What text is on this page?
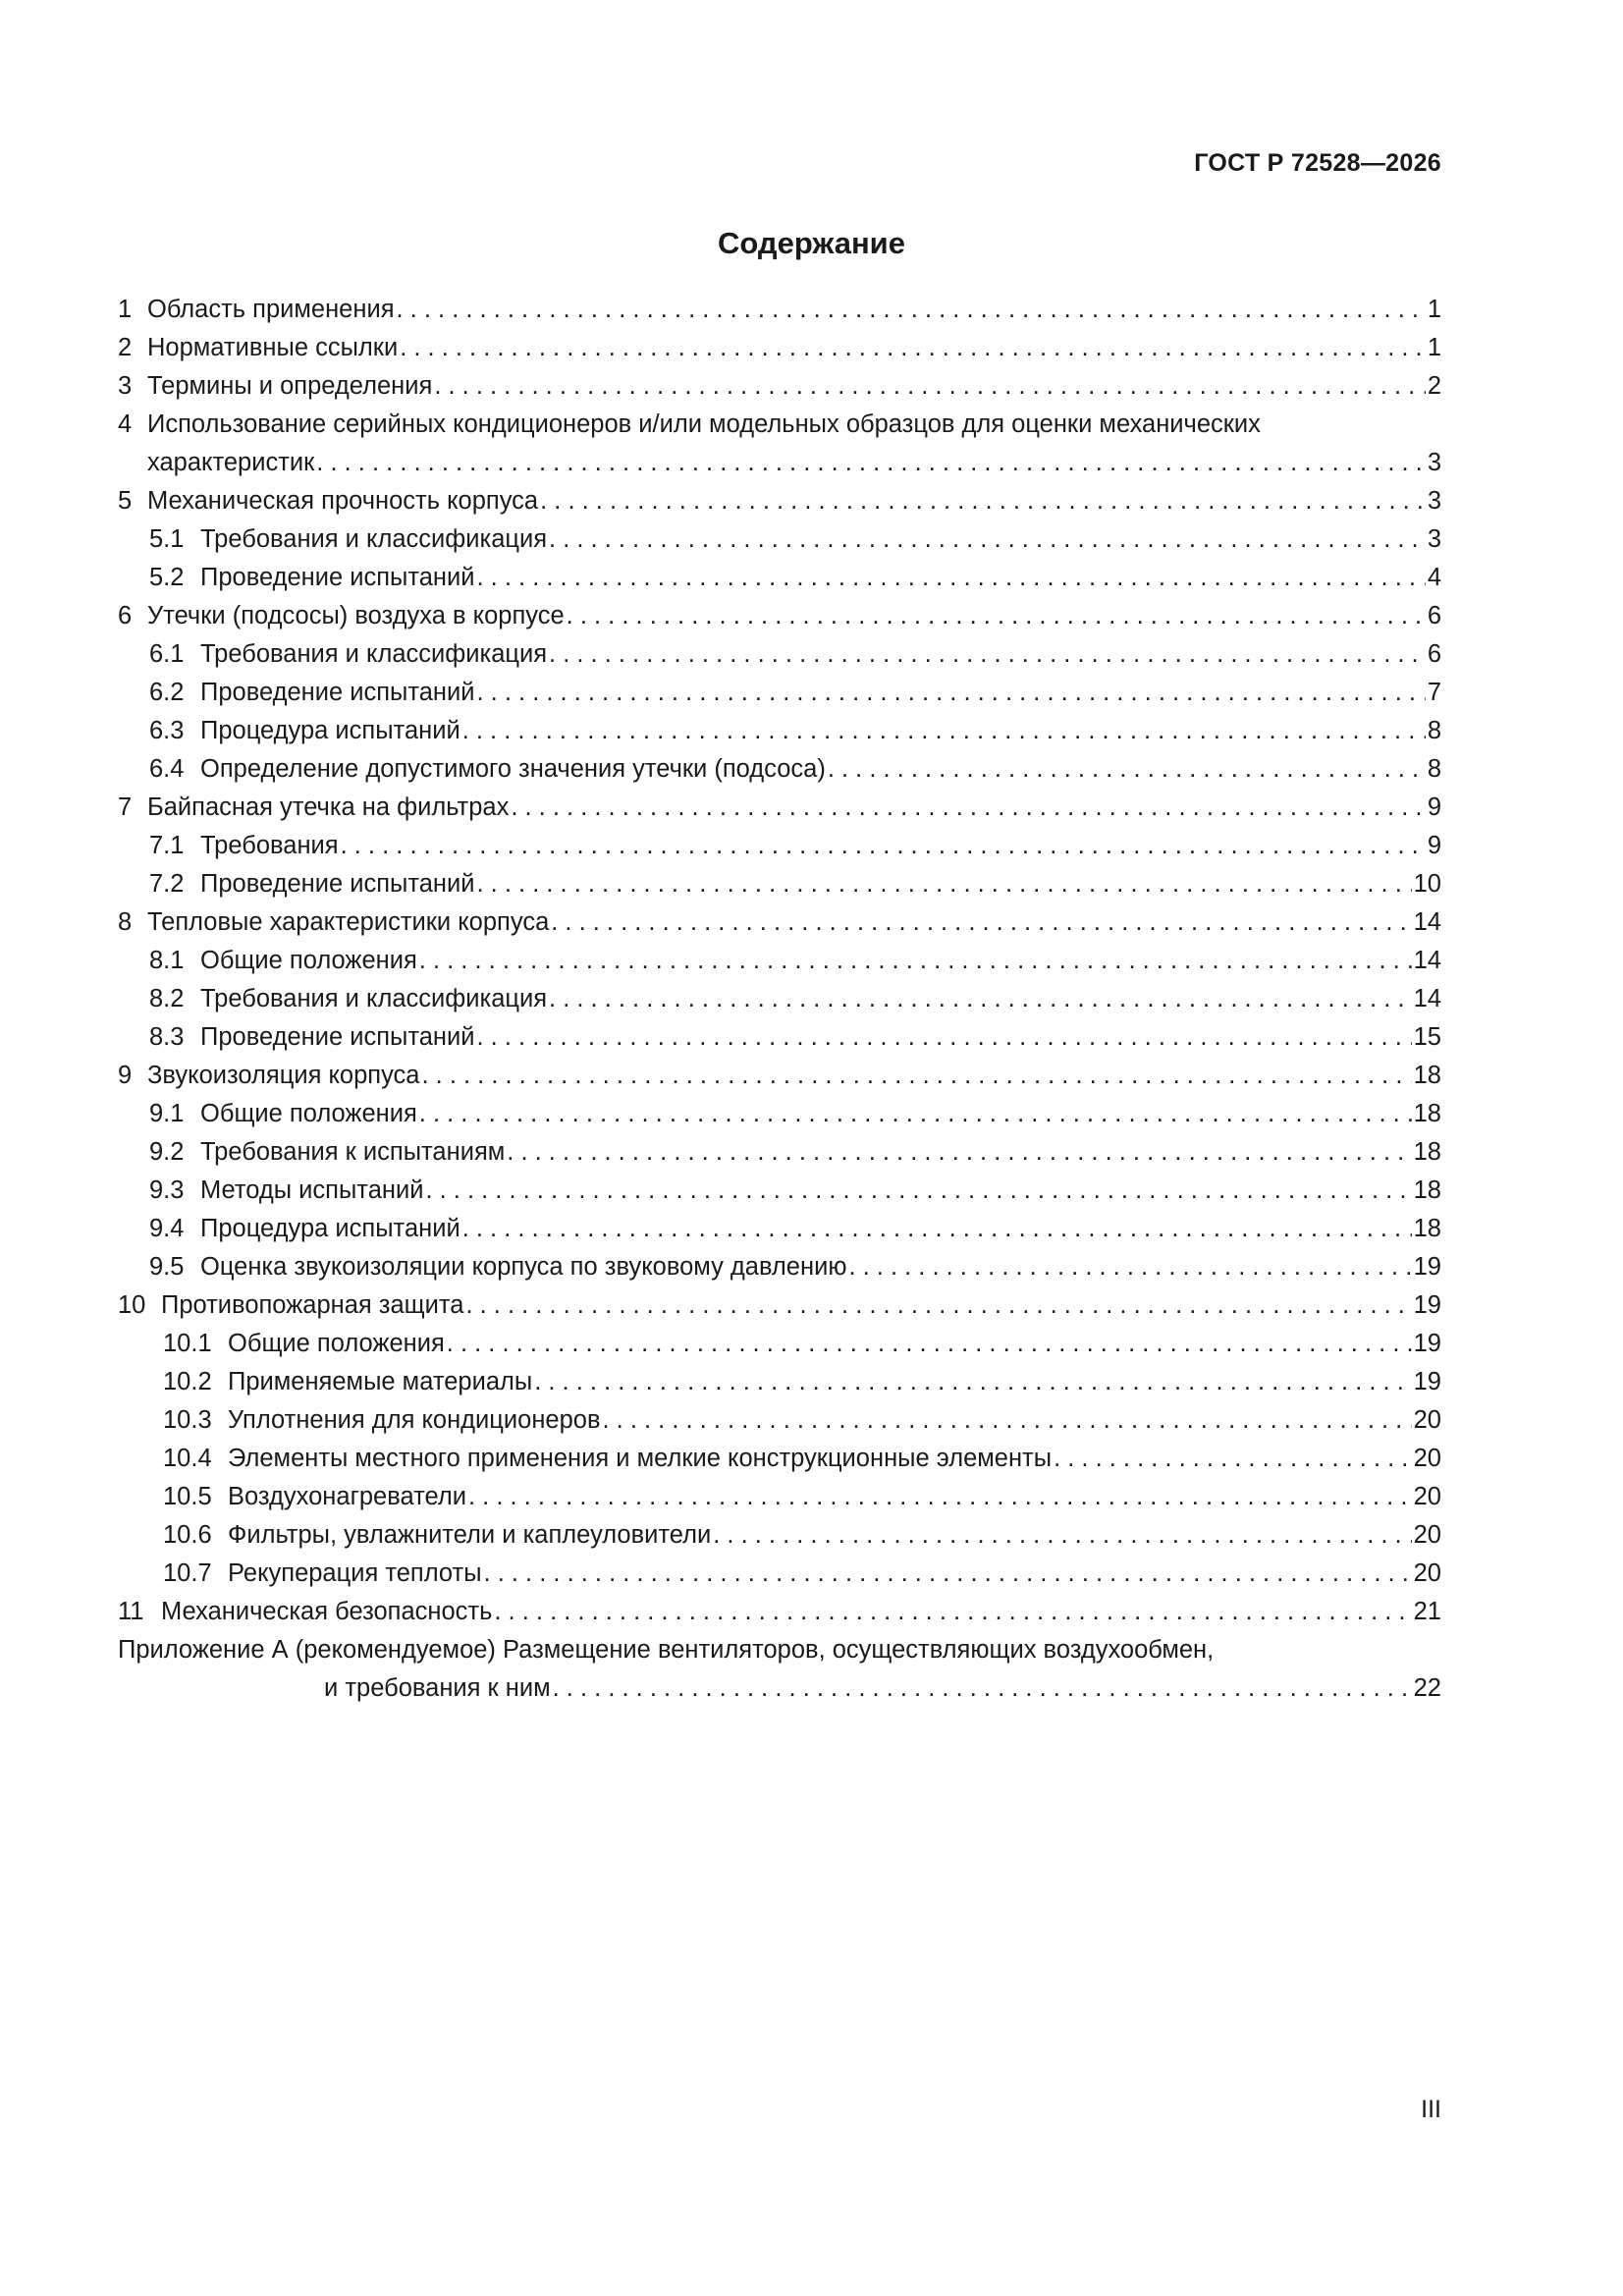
ГОСТ Р 72528—2026
Содержание
1 Область применения . . .	1
2 Нормативные ссылки . . .	1
3 Термины и определения . . .	2
4 Использование серийных кондиционеров и/или модельных образцов для оценки механических
характеристик . . .	3
5 Механическая прочность корпуса . . .	3
5.1 Требования и классификация . . .	3
5.2 Проведение испытаний . . .	4
6 Утечки (подсосы) воздуха в корпусе . . .	6
6.1 Требования и классификация . . .	6
6.2 Проведение испытаний . . .	7
6.3 Процедура испытаний . . .	8
6.4 Определение допустимого значения утечки (подсоса) . . .	8
7 Байпасная утечка на фильтрах . . .	9
7.1 Требования . . .	9
7.2 Проведение испытаний . . .	10
8 Тепловые характеристики корпуса . . .	14
8.1 Общие положения . . .	14
8.2 Требования и классификация . . .	14
8.3 Проведение испытаний . . .	15
9 Звукоизоляция корпуса . . .	18
9.1 Общие положения . . .	18
9.2 Требования к испытаниям . . .	18
9.3 Методы испытаний . . .	18
9.4 Процедура испытаний . . .	18
9.5 Оценка звукоизоляции корпуса по звуковому давлению . . .	19
10 Противопожарная защита . . .	19
10.1 Общие положения . . .	19
10.2 Применяемые материалы . . .	19
10.3 Уплотнения для кондиционеров . . .	20
10.4 Элементы местного применения и мелкие конструкционные элементы . . .	20
10.5 Воздухонагреватели . . .	20
10.6 Фильтры, увлажнители и каплеуловители . . .	20
10.7 Рекуперация теплоты . . .	20
11 Механическая безопасность . . .	21
Приложение А (рекомендуемое) Размещение вентиляторов, осуществляющих воздухообмен,
и требования к ним . . .	22
III
